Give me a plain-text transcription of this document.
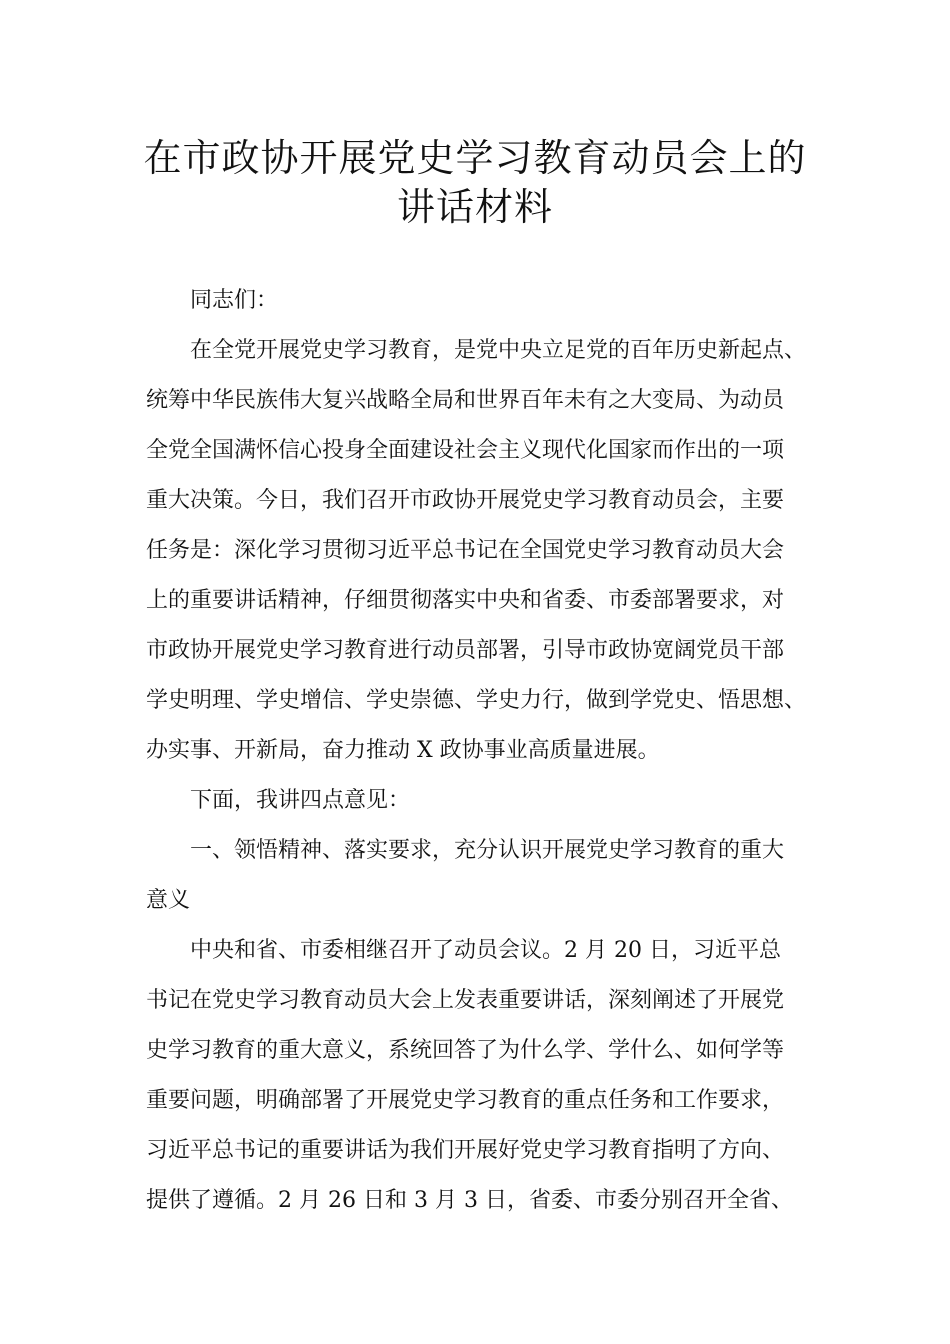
在市政协开展党史学习教育动员会上的
讲话材料
同志们：
在全党开展党史学习教育，是党中央立足党的百年历史新起点、
统筹中华民族伟大复兴战略全局和世界百年未有之大变局、为动员
全党全国满怀信心投身全面建设社会主义现代化国家而作出的一项
重大决策。今日，我们召开市政协开展党史学习教育动员会，主要
任务是：深化学习贯彻习近平总书记在全国党史学习教育动员大会
上的重要讲话精神，仔细贯彻落实中央和省委、市委部署要求，对
市政协开展党史学习教育进行动员部署，引导市政协宽阔党员干部
学史明理、学史增信、学史崇德、学史力行，做到学党史、悟思想、
办实事、开新局，奋力推动 X 政协事业高质量进展。
下面，我讲四点意见：
一、领悟精神、落实要求，充分认识开展党史学习教育的重大
意义
中央和省、市委相继召开了动员会议。2 月 20 日，习近平总
书记在党史学习教育动员大会上发表重要讲话，深刻阐述了开展党
史学习教育的重大意义，系统回答了为什么学、学什么、如何学等
重要问题，明确部署了开展党史学习教育的重点任务和工作要求，
习近平总书记的重要讲话为我们开展好党史学习教育指明了方向、
提供了遵循。2 月 26 日和 3 月 3 日，省委、市委分别召开全省、
